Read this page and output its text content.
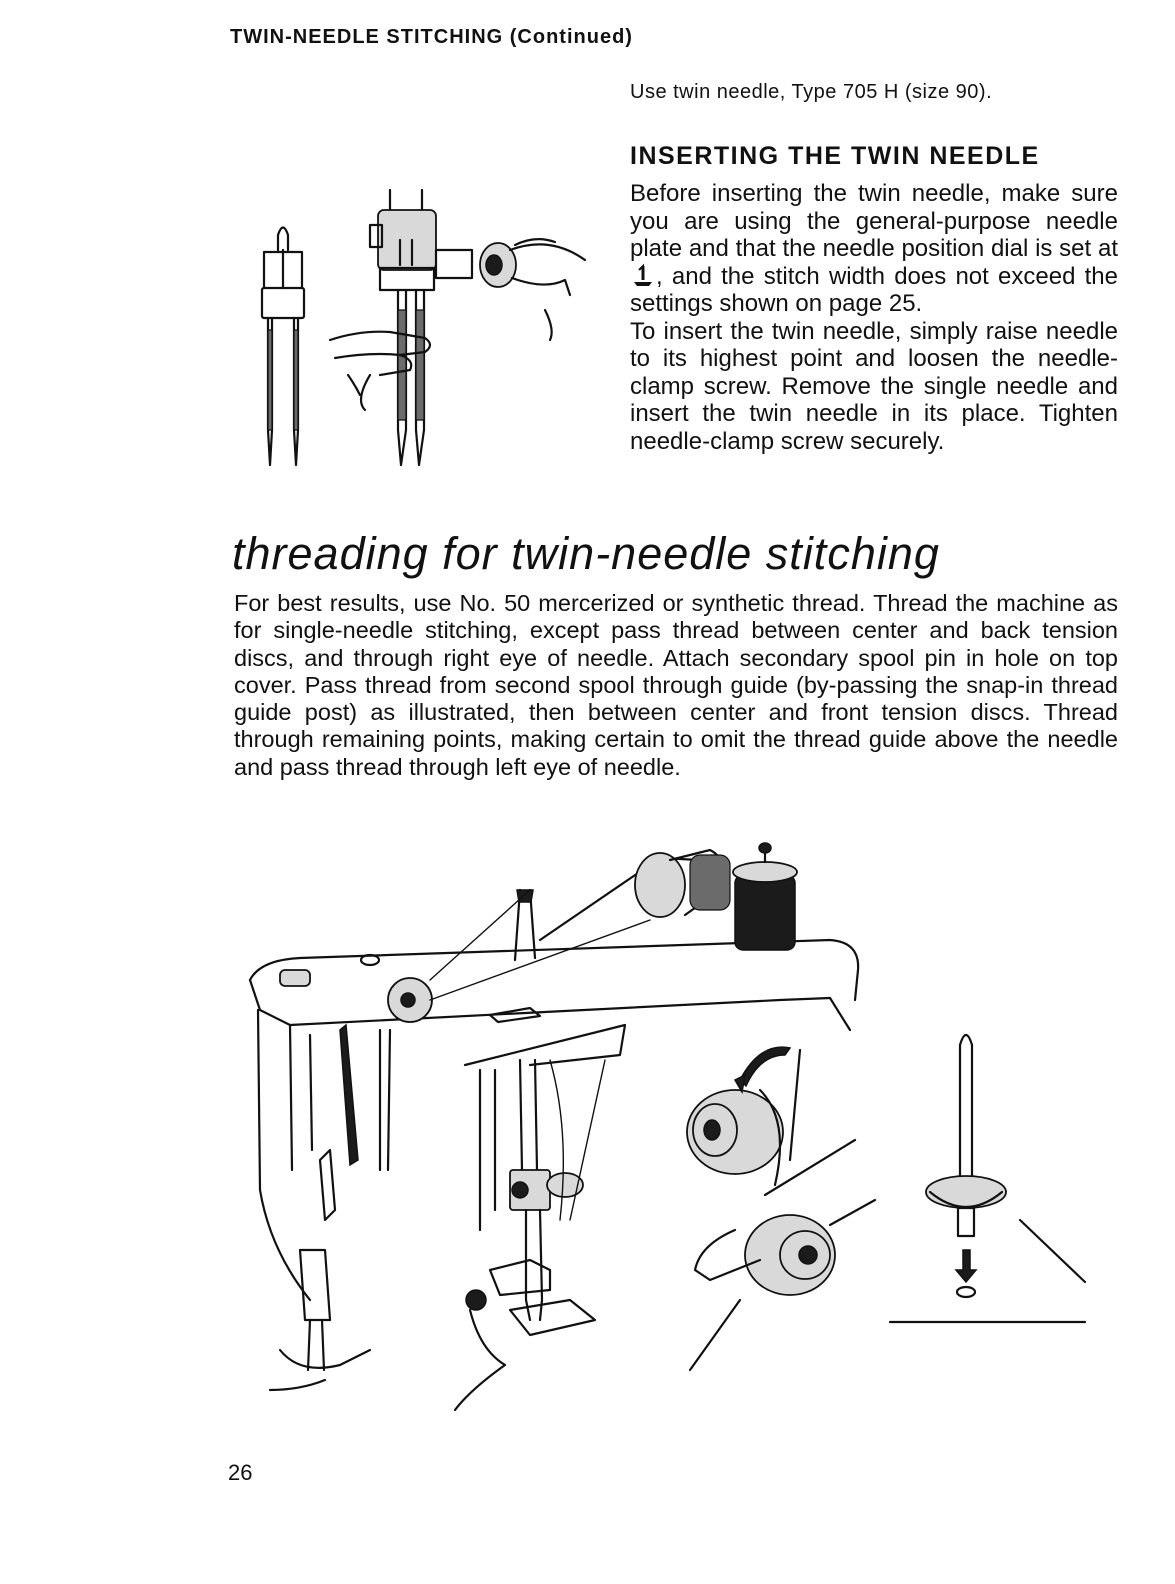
TWIN-NEEDLE STITCHING (Continued)
Use twin needle, Type 705 H (size 90).
INSERTING THE TWIN NEEDLE

Before inserting the twin needle, make sure you are using the general-purpose needle plate and that the needle position dial is set at , and the stitch width does not exceed the settings shown on page 25.

To insert the twin needle, simply raise needle to its highest point and loosen the needle-clamp screw. Remove the single needle and insert the twin needle in its place. Tighten needle-clamp screw securely.

threading for twin-needle stitching

For best results, use No. 50 mercerized or synthetic thread. Thread the machine as for single-needle stitching, except pass thread between center and back tension discs, and through right eye of needle. Attach secondary spool pin in hole on top cover. Pass thread from second spool through guide (by-passing the snap-in thread guide post) as illustrated, then between center and front tension discs. Thread through remaining points, making certain to omit the thread guide above the needle and pass thread through left eye of needle.

26
